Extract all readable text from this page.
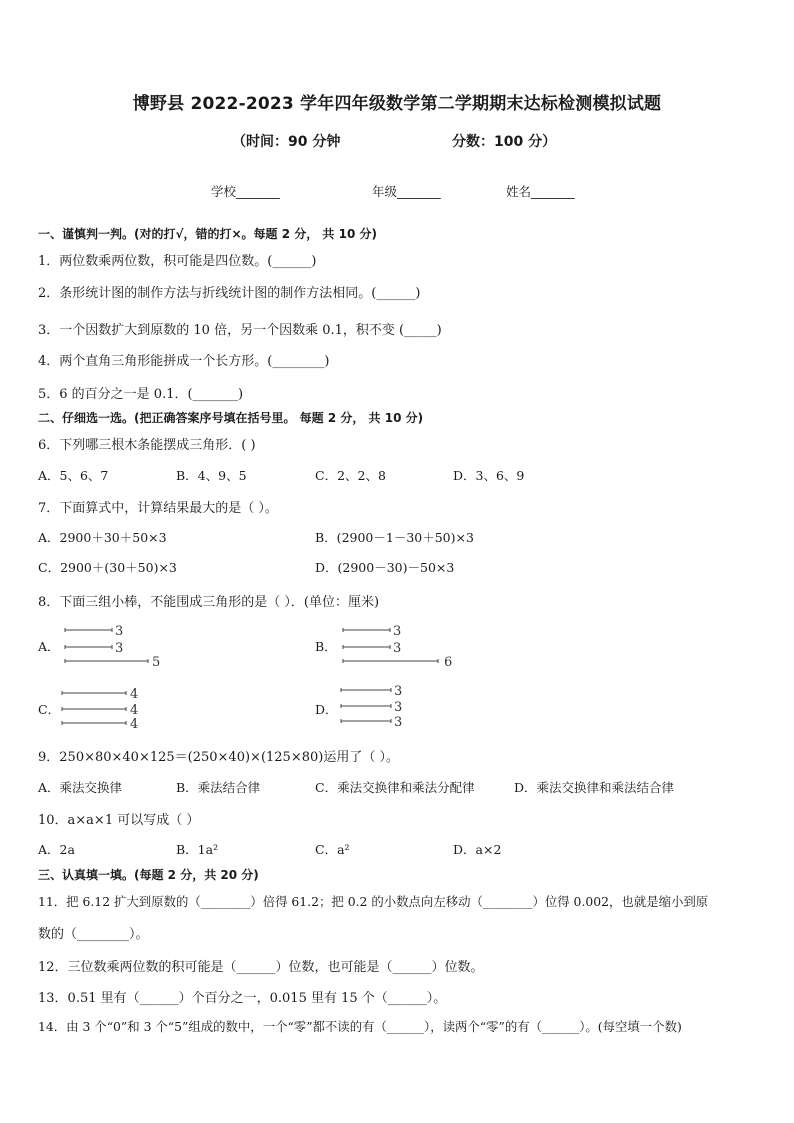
博野县 2022-2023 学年四年级数学第二学期期末达标检测模拟试题
（时间：90 分钟	分数：100 分）
学校_______	年级_______	姓名_______
一、谨慎判一判。(对的打√，错的打×。每题 2 分， 共 10 分)
1．两位数乘两位数，积可能是四位数。(______)
2．条形统计图的制作方法与折线统计图的制作方法相同。(______)
3．一个因数扩大到原数的 10 倍，另一个因数乘 0.1，积不变 (_____)
4．两个直角三角形能拼成一个长方形。(________)
5．6 的百分之一是 0.1．(_______)
二、仔细选一选。(把正确答案序号填在括号里。 每题 2 分， 共 10 分)
6．下列哪三根木条能摆成三角形．( )
A．5、6、7	B．4、9、5	C．2、2、8	D．3、6、9
7．下面算式中，计算结果最大的是（ ）。
A．2900＋30＋50×3	B．(2900－1－30＋50)×3
C．2900＋(30＋50)×3	D．(2900－30)－50×3
8．下面三组小棒，不能围成三角形的是（ ）．(单位：厘米)
A．
3
3
5
B．
3
3
6
C．
4
4
4
D．
3
3
3
9．250×80×40×125＝(250×40)×(125×80)运用了（ ）。
A．乘法交换律	B．乘法结合律	C．乘法交换律和乘法分配律	D．乘法交换律和乘法结合律
10．a×a×1 可以写成（ ）
A．2a	B．1a²	C．a²	D．a×2
三、认真填一填。(每题 2 分，共 20 分)
11．把 6.12 扩大到原数的（________）倍得 61.2；把 0.2 的小数点向左移动（________）位得 0.002，也就是缩小到原
数的（________）。
12．三位数乘两位数的积可能是（______）位数，也可能是（______）位数。
13．0.51 里有（______）个百分之一，0.015 里有 15 个（______）。
14．由 3 个“0”和 3 个“5”组成的数中，一个“零”都不读的有（______），读两个“零”的有（______）。(每空填一个数)
